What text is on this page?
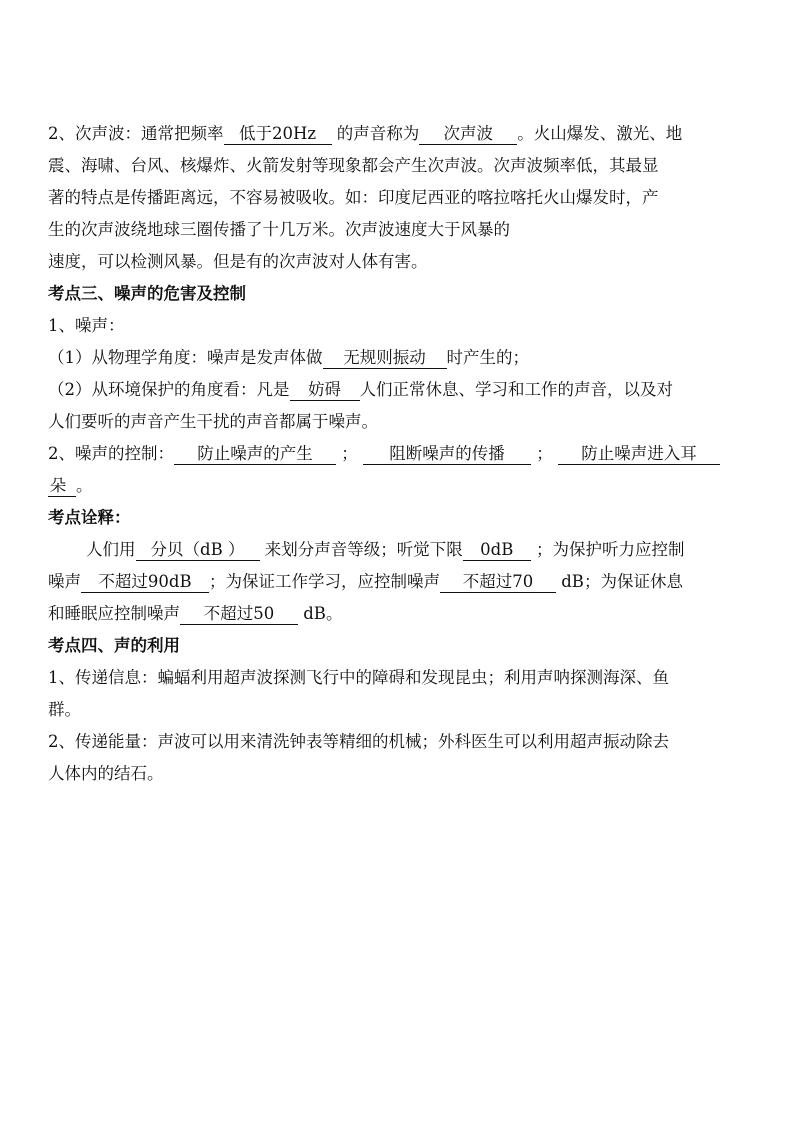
2、次声波：通常把频率 低于20Hz 的声音称为 次声波 。火山爆发、激光、地
震、海啸、台风、核爆炸、火箭发射等现象都会产生次声波。次声波频率低，其最显
著的特点是传播距离远，不容易被吸收。如：印度尼西亚的喀拉喀托火山爆发时，产
生的次声波绕地球三圈传播了十几万米。次声波速度大于风暴的
速度，可以检测风暴。但是有的次声波对人体有害。
考点三、噪声的危害及控制
1、噪声：
（1）从物理学角度：噪声是发声体做 无规则振动 时产生的；
（2）从环境保护的角度看：凡是 妨碍 人们正常休息、学习和工作的声音，以及对
人们要听的声音产生干扰的声音都属于噪声。
2、噪声的控制： 防止噪声的产生 ； 阻断噪声的传播 ； 防止噪声进入耳
朵 。
考点诠释：
人们用 分贝（dB ） 来划分声音等级；听觉下限 0dB ；为保护听力应控制
噪声 不超过90dB ；为保证工作学习，应控制噪声 不超过70 dB；为保证休息
和睡眠应控制噪声 不超过50 dB。
考点四、声的利用
1、传递信息：蝙蝠利用超声波探测飞行中的障碍和发现昆虫；利用声呐探测海深、鱼
群。
2、传递能量：声波可以用来清洗钟表等精细的机械；外科医生可以利用超声振动除去
人体内的结石。
